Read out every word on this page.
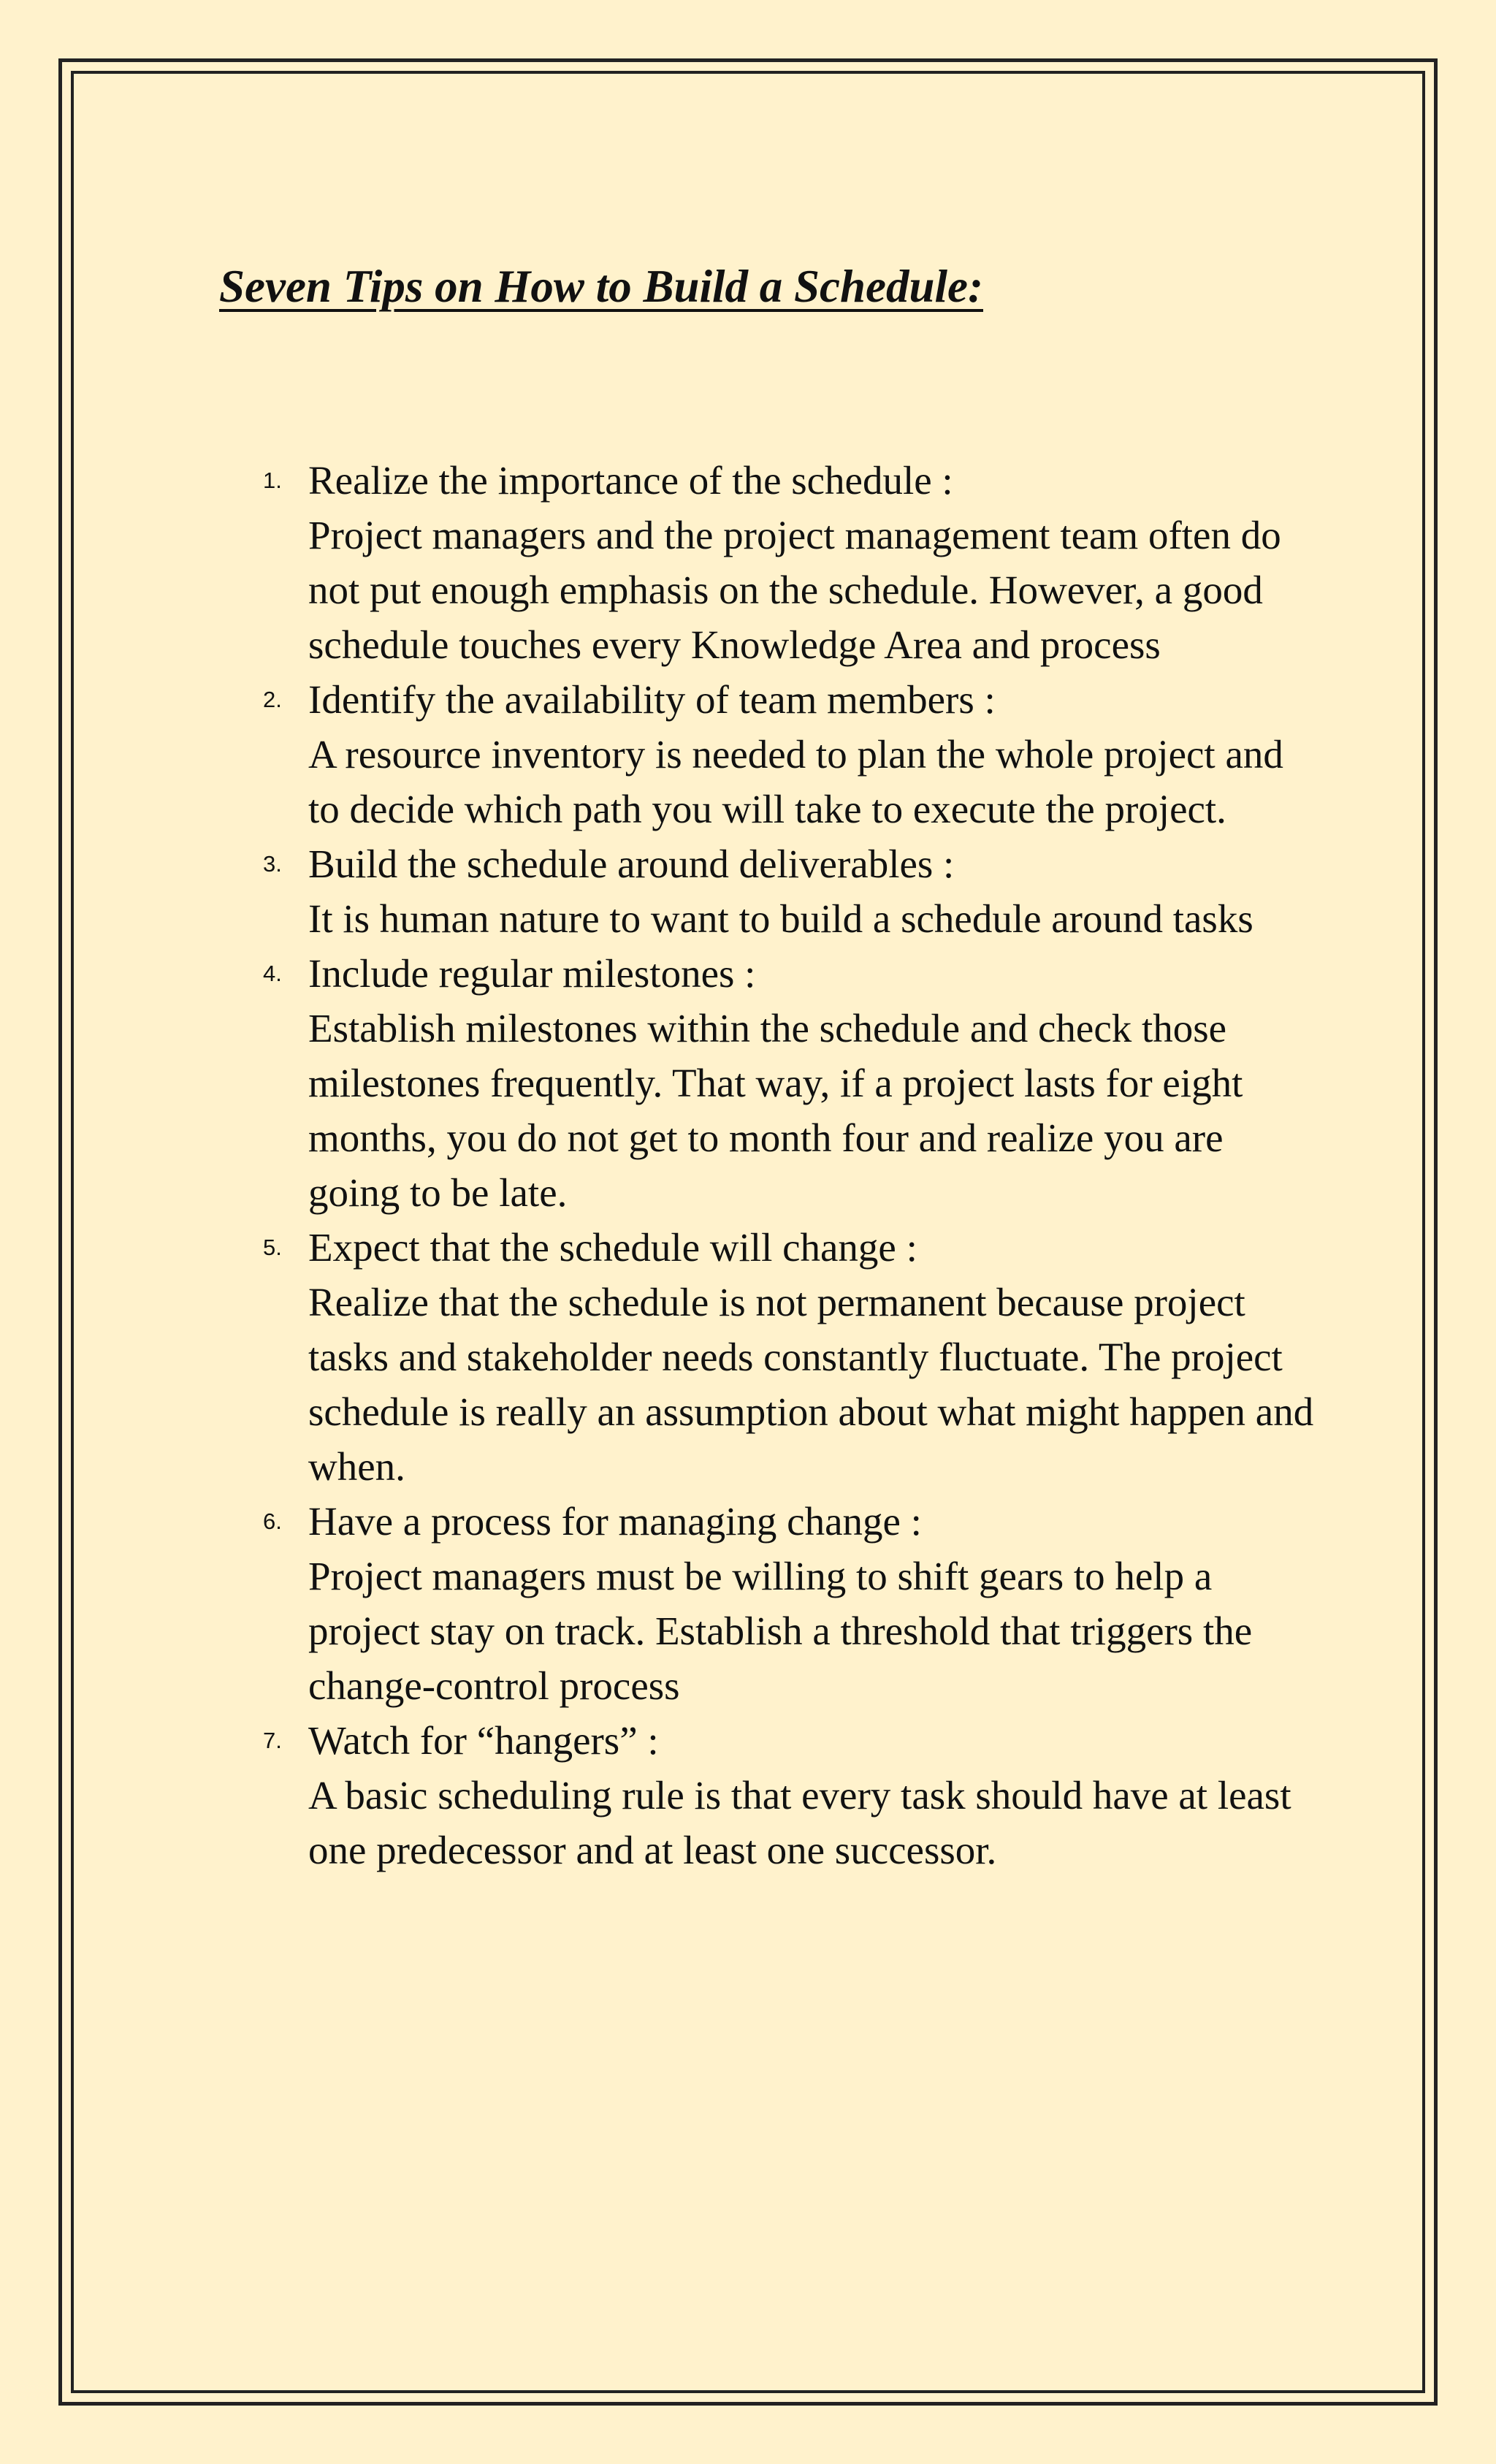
Seven Tips on How to Build a Schedule:
1. Realize the importance of the schedule :
Project managers and the project management team often do not put enough emphasis on the schedule. However, a good schedule touches every Knowledge Area and process
2. Identify the availability of team members :
A resource inventory is needed to plan the whole project and to decide which path you will take to execute the project.
3. Build the schedule around deliverables :
It is human nature to want to build a schedule around tasks
4. Include regular milestones :
Establish milestones within the schedule and check those milestones frequently. That way, if a project lasts for eight months, you do not get to month four and realize you are going to be late.
5. Expect that the schedule will change :
Realize that the schedule is not permanent because project tasks and stakeholder needs constantly fluctuate. The project schedule is really an assumption about what might happen and when.
6. Have a process for managing change :
Project managers must be willing to shift gears to help a project stay on track. Establish a threshold that triggers the change-control process
7. Watch for “hangers” :
A basic scheduling rule is that every task should have at least one predecessor and at least one successor.
